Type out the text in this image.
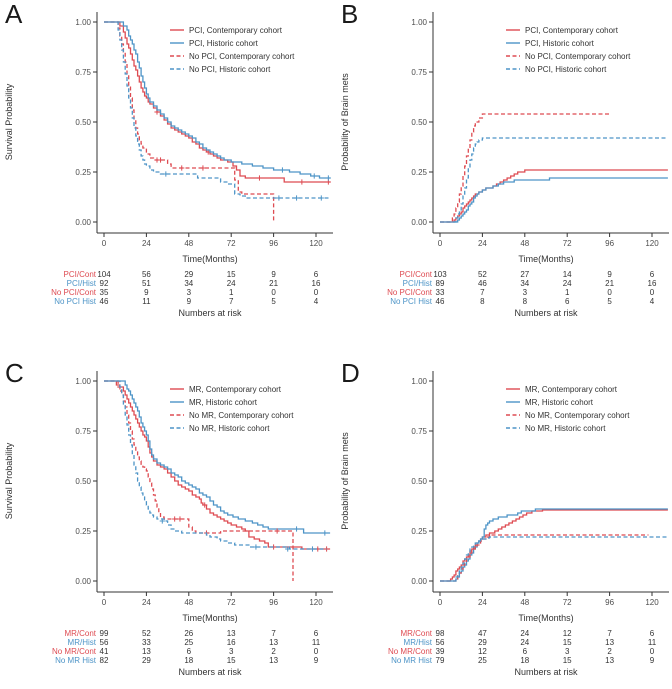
A
0.00
0.25
0.50
0.75
1.00
0	24	48	72	96	120
Time(Months)
Survival Probability
PCI, Contemporary cohort
PCI, Historic cohort
No PCI, Contemporary cohort
No PCI, Historic cohort
PCI/Cont 104	56	29	15	9	6
PCI/Hist 92	51	34	24	21	16
No PCI/Cont 35	9	3	1	0	0
No PCI Hist 46	11	9	7	5	4
Numbers at risk
B
0.00
0.25
0.50
0.75
1.00
0	24	48	72	96	120
Time(Months)
Probability of Brain mets
PCI, Contemporary cohort
PCI, Historic cohort
No PCI, Contemporary cohort
No PCI, Historic cohort
PCI/Cont 103	52	27	14	9	6
PCI/Hist 89	46	34	24	21	16
No PCI/Cont 33	7	3	1	0	0
No PCI Hist 46	8	8	6	5	4
Numbers at risk
C
0.00
0.25
0.50
0.75
1.00
0	24	48	72	96	120
Time(Months)
Survival Probability
MR, Contemporary cohort
MR, Historic cohort
No MR, Contemporary cohort
No MR, Historic cohort
MR/Cont 99	52	26	13	7	6
MR/Hist 56	33	25	16	13	11
No MR/Cont 41	13	6	3	2	0
No MR Hist 82	29	18	15	13	9
Numbers at risk
D
0.00
0.25
0.50
0.75
1.00
0	24	48	72	96	120
Time(Months)
Probability of Brain mets
MR, Contemporary cohort
MR, Historic cohort
No MR, Contemporary cohort
No MR, Historic cohort
MR/Cont 98	47	24	12	7	6
MR/Hist 56	29	24	15	13	11
No MR/Cont 39	12	6	3	2	0
No MR Hist 79	25	18	15	13	9
Numbers at risk
